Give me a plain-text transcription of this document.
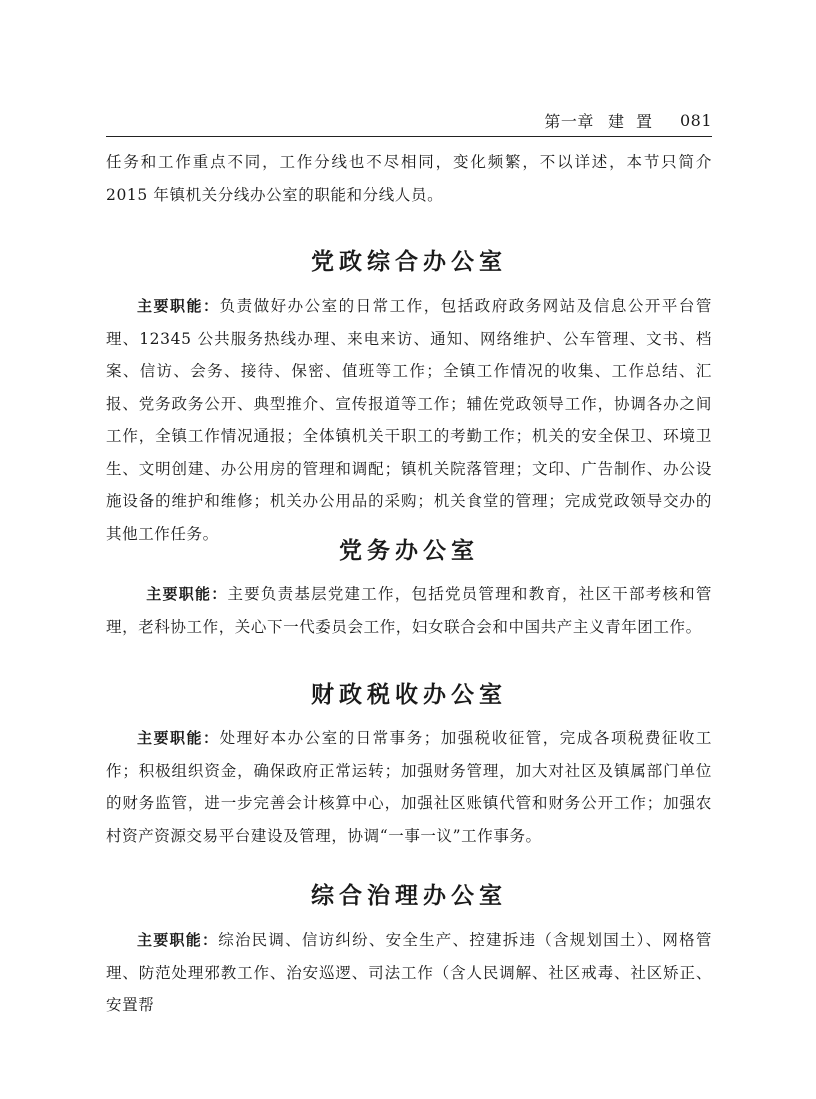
第一章 建置 081

任务和工作重点不同，工作分线也不尽相同，变化频繁，不以详述，本节只简介 2015 年镇机关分线办公室的职能和分线人员。

党政综合办公室

主要职能：负责做好办公室的日常工作，包括政府政务网站及信息公开平台管理、12345 公共服务热线办理、来电来访、通知、网络维护、公车管理、文书、档案、信访、会务、接待、保密、值班等工作；全镇工作情况的收集、工作总结、汇报、党务政务公开、典型推介、宣传报道等工作；辅佐党政领导工作，协调各办之间工作，全镇工作情况通报；全体镇机关干职工的考勤工作；机关的安全保卫、环境卫生、文明创建、办公用房的管理和调配；镇机关院落管理；文印、广告制作、办公设施设备的维护和维修；机关办公用品的采购；机关食堂的管理；完成党政领导交办的其他工作任务。

党务办公室

主要职能：主要负责基层党建工作，包括党员管理和教育，社区干部考核和管理，老科协工作，关心下一代委员会工作，妇女联合会和中国共产主义青年团工作。

财政税收办公室

主要职能：处理好本办公室的日常事务；加强税收征管，完成各项税费征收工作；积极组织资金，确保政府正常运转；加强财务管理，加大对社区及镇属部门单位的财务监管，进一步完善会计核算中心，加强社区账镇代管和财务公开工作；加强农村资产资源交易平台建设及管理，协调“一事一议”工作事务。

综合治理办公室

主要职能：综治民调、信访纠纷、安全生产、控建拆违（含规划国土）、网格管理、防范处理邪教工作、治安巡逻、司法工作（含人民调解、社区戒毒、社区矫正、安置帮
